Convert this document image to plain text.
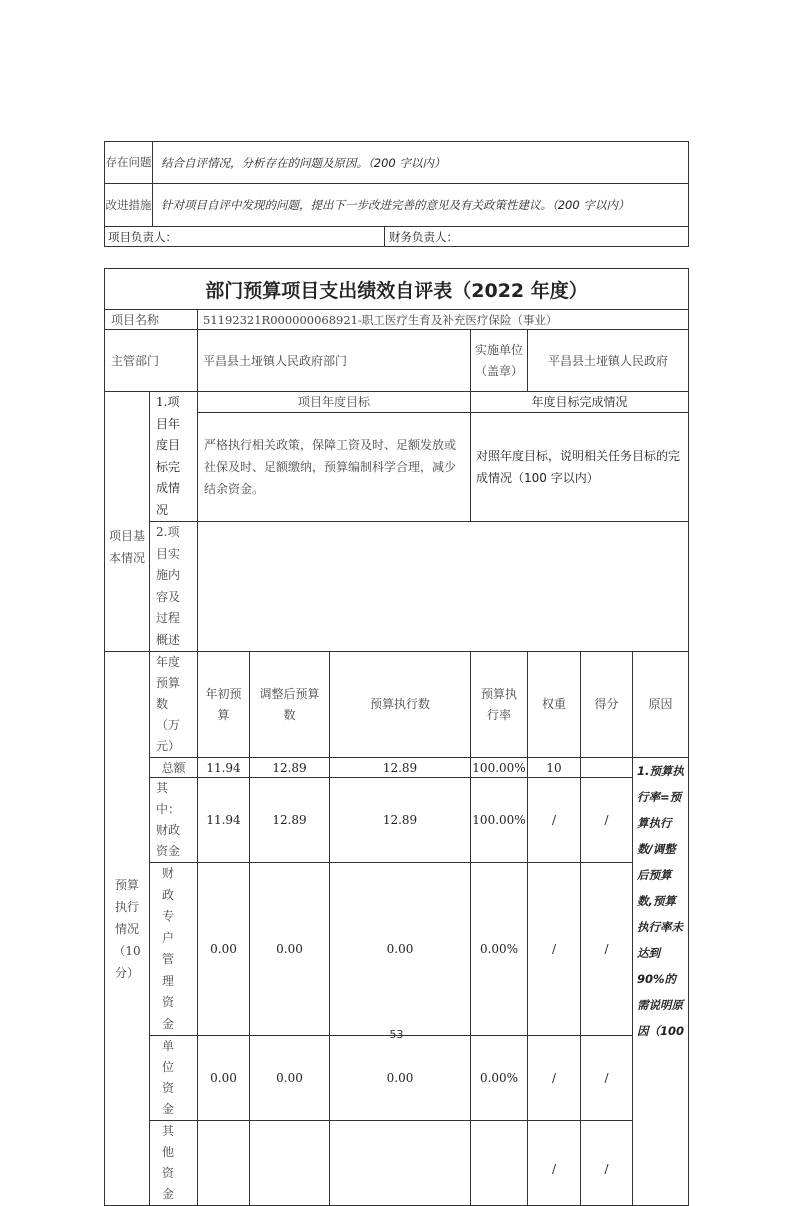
存在问题	结合自评情况，分析存在的问题及原因。（200 字以内）	
改进措施	针对项目自评中发现的问题，提出下一步改进完善的意见及有关政策性建议。（200 字以内）	
项目负责人：		财务负责人：
部门预算项目支出绩效自评表（2022 年度）								
项目名称		51192321R000000068921-职工医疗生育及补充医疗保险（事业）						
主管部门		平昌县土垭镇人民政府部门			实施单位（盖章）	平昌县土垭镇人民政府		
项目基本情况	1.项目年度目标完成情况	项目年度目标			年度目标完成情况			
		严格执行相关政策，保障工资及时、足额发放或社保及时、足额缴纳，预算编制科学合理，减少结余资金。			对照年度目标，说明相关任务目标的完成情况（100 字以内）			
	2.项目实施内容及过程概述							
预算执行情况（10分）	年度预算数（万元）	年初预算	调整后预算数	预算执行数	预算执行率	权重	得分	原因
	总额	11.94	12.89	12.89	100.00%	10		1.预算执行率=预算执行数/调整后预算数,预算执行率未达到 90%的需说明原因（100
	其中：财政资金	11.94	12.89	12.89	100.00%	/	/	
	财政专户管理资金	0.00	0.00	0.00	0.00%	/	/	
	单位资金	0.00	0.00	0.00	0.00%	/	/	
	其他资金					/	/	
53
